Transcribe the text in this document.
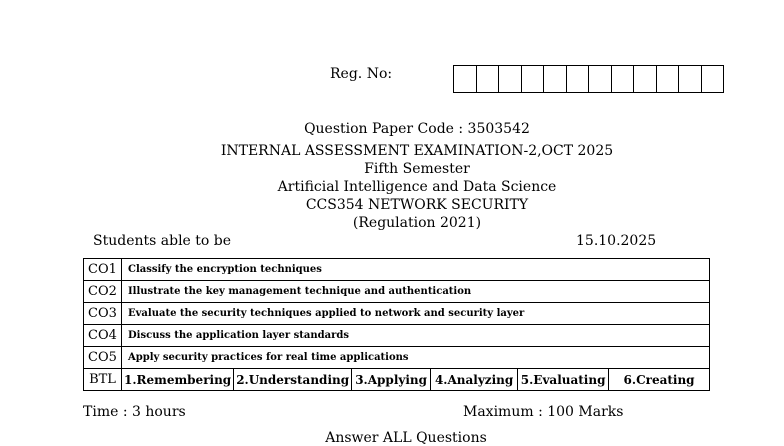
Reg. No:
Question Paper Code : 3503542
INTERNAL ASSESSMENT EXAMINATION-2,OCT 2025
Fifth Semester
Artificial Intelligence and Data Science
CCS354 NETWORK SECURITY
(Regulation 2021)
Students able to be	15.10.2025
CO1	Classify the encryption techniques					
CO2	Illustrate the key management technique and authentication					
CO3	Evaluate the security techniques applied to network and security layer					
CO4	Discuss the application layer standards					
CO5	Apply security practices for real time applications					
BTL	1.Remembering	2.Understanding	3.Applying	4.Analyzing	5.Evaluating	6.Creating
Time : 3 hours	Maximum : 100 Marks
Answer ALL Questions
